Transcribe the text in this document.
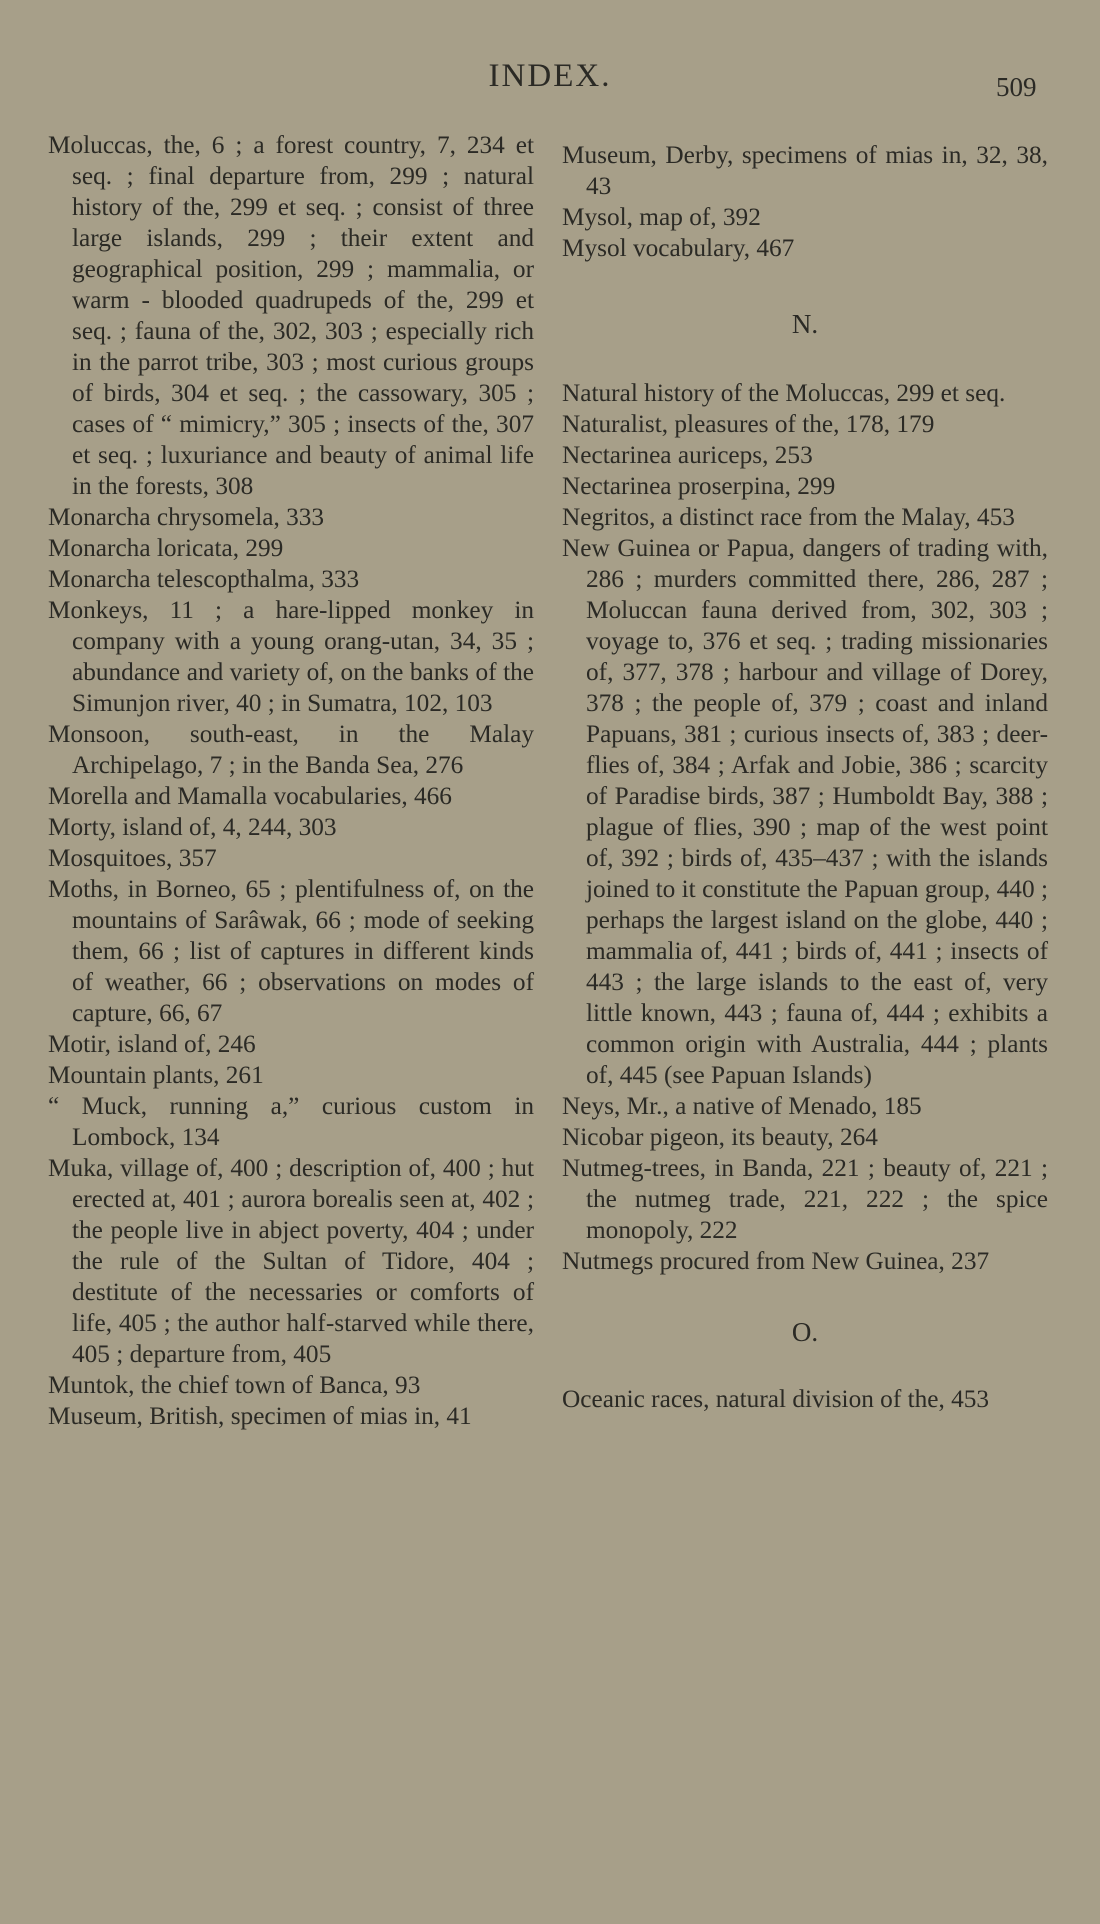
INDEX.	509
Moluccas, the, 6 ; a forest country, 7, 234 et seq. ; final departure from, 299 ; natural history of the, 299 et seq. ; consist of three large islands, 299 ; their extent and geographical position, 299 ; mammalia, or warm - blooded quadrupeds of the, 299 et seq. ; fauna of the, 302, 303 ; especially rich in the parrot tribe, 303 ; most curious groups of birds, 304 et seq. ; the cassowary, 305 ; cases of “ mimicry,” 305 ; insects of the, 307 et seq. ; luxuriance and beauty of animal life in the forests, 308
Monarcha chrysomela, 333
Monarcha loricata, 299
Monarcha telescopthalma, 333
Monkeys, 11 ; a hare-lipped monkey in company with a young orang-utan, 34, 35 ; abundance and variety of, on the banks of the Simunjon river, 40 ; in Sumatra, 102, 103
Monsoon, south-east, in the Malay Archipelago, 7 ; in the Banda Sea, 276
Morella and Mamalla vocabularies, 466
Morty, island of, 4, 244, 303
Mosquitoes, 357
Moths, in Borneo, 65 ; plentifulness of, on the mountains of Sarâwak, 66 ; mode of seeking them, 66 ; list of captures in different kinds of weather, 66 ; observations on modes of capture, 66, 67
Motir, island of, 246
Mountain plants, 261
“ Muck, running a,” curious custom in Lombock, 134
Muka, village of, 400 ; description of, 400 ; hut erected at, 401 ; aurora borealis seen at, 402 ; the people live in abject poverty, 404 ; under the rule of the Sultan of Tidore, 404 ; destitute of the necessaries or comforts of life, 405 ; the author half-starved while there, 405 ; departure from, 405
Muntok, the chief town of Banca, 93
Museum, British, specimen of mias in, 41
Museum, Derby, specimens of mias in, 32, 38, 43
Mysol, map of, 392
Mysol vocabulary, 467
N.
Natural history of the Moluccas, 299 et seq.
Naturalist, pleasures of the, 178, 179
Nectarinea auriceps, 253
Nectarinea proserpina, 299
Negritos, a distinct race from the Malay, 453
New Guinea or Papua, dangers of trading with, 286 ; murders committed there, 286, 287 ; Moluccan fauna derived from, 302, 303 ; voyage to, 376 et seq. ; trading missionaries of, 377, 378 ; harbour and village of Dorey, 378 ; the people of, 379 ; coast and inland Papuans, 381 ; curious insects of, 383 ; deer-flies of, 384 ; Arfak and Jobie, 386 ; scarcity of Paradise birds, 387 ; Humboldt Bay, 388 ; plague of flies, 390 ; map of the west point of, 392 ; birds of, 435–437 ; with the islands joined to it constitute the Papuan group, 440 ; perhaps the largest island on the globe, 440 ; mammalia of, 441 ; birds of, 441 ; insects of 443 ; the large islands to the east of, very little known, 443 ; fauna of, 444 ; exhibits a common origin with Australia, 444 ; plants of, 445 (see Papuan Islands)
Neys, Mr., a native of Menado, 185
Nicobar pigeon, its beauty, 264
Nutmeg-trees, in Banda, 221 ; beauty of, 221 ; the nutmeg trade, 221, 222 ; the spice monopoly, 222
Nutmegs procured from New Guinea, 237
O.
Oceanic races, natural division of the, 453
